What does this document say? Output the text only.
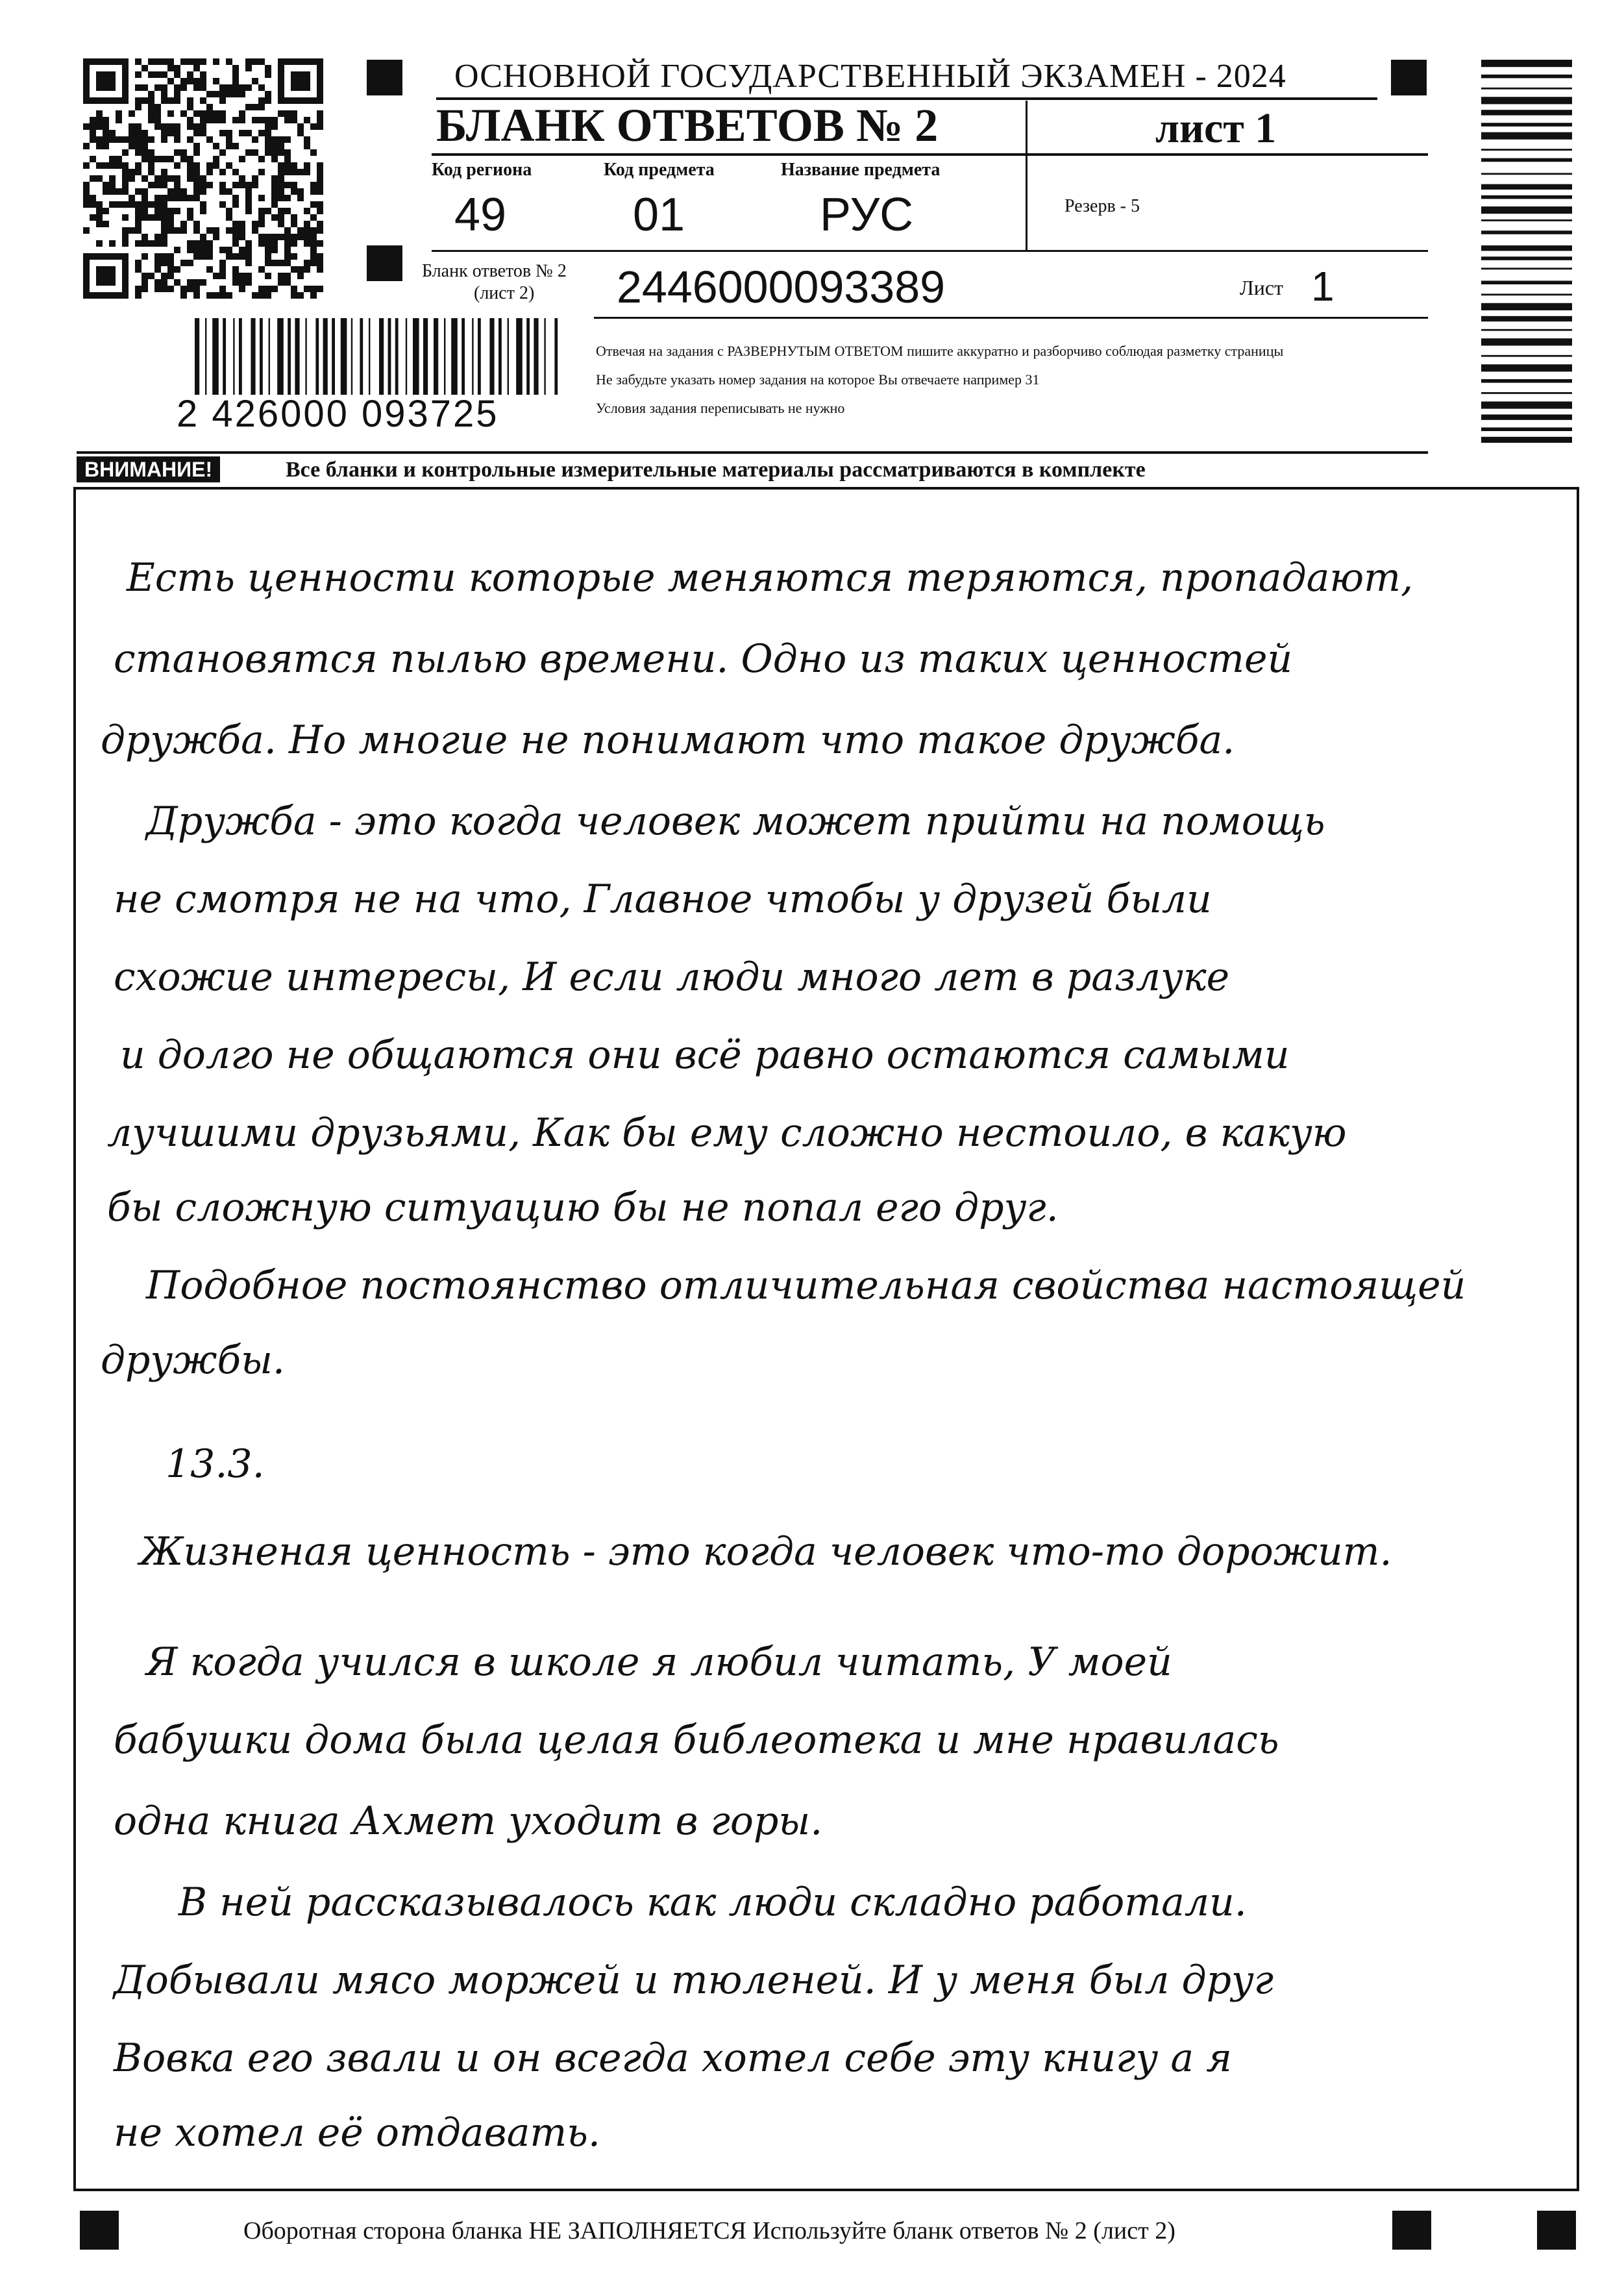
ОСНОВНОЙ ГОСУДАРСТВЕННЫЙ ЭКЗАМЕН - 2024
БЛАНК ОТВЕТОВ № 2	лист 1
Код региона
49
Код предмета
01
Название предмета
РУС	Резерв - 5
Бланк ответов № 2
(лист 2) 2446000093389	Лист 1
Отвечая на задания с РАЗВЕРНУТЫМ ОТВЕТОМ пишите аккуратно и разборчиво соблюдая разметку страницы
Не забудьте указать номер задания на которое Вы отвечаете например 31
Условия задания переписывать не нужно
2 426000 093725
ВНИМАНИЕ!	Все бланки и контрольные измерительные материалы рассматриваются в комплекте
Есть ценности которые меняются теряются, пропадают,
становятся пылью времени. Одно из таких ценностей
дружба. Но многие не понимают что такое дружба.
Дружба - это когда человек может прийти на помощь
не смотря не на что, Главное чтобы у друзей были
схожие интересы, И если люди много лет в разлуке
и долго не общаются они всё равно остаются самыми
лучшими друзьями, Как бы ему сложно нестоило, в какую
бы сложную ситуацию бы не попал его друг.
Подобное постоянство отличительная свойства настоящей
дружбы.
13.3.
Жизненая ценность - это когда человек что-то дорожит.
Я когда учился в школе я любил читать, У моей
бабушки дома была целая библеотека и мне нравилась
одна книга Ахмет уходит в горы.
В ней рассказывалось как люди складно работали.
Добывали мясо моржей и тюленей. И у меня был друг
Вовка его звали и он всегда хотел себе эту книгу а я
не хотел её отдавать.
Оборотная сторона бланка НЕ ЗАПОЛНЯЕТСЯ Используйте бланк ответов № 2 (лист 2)
